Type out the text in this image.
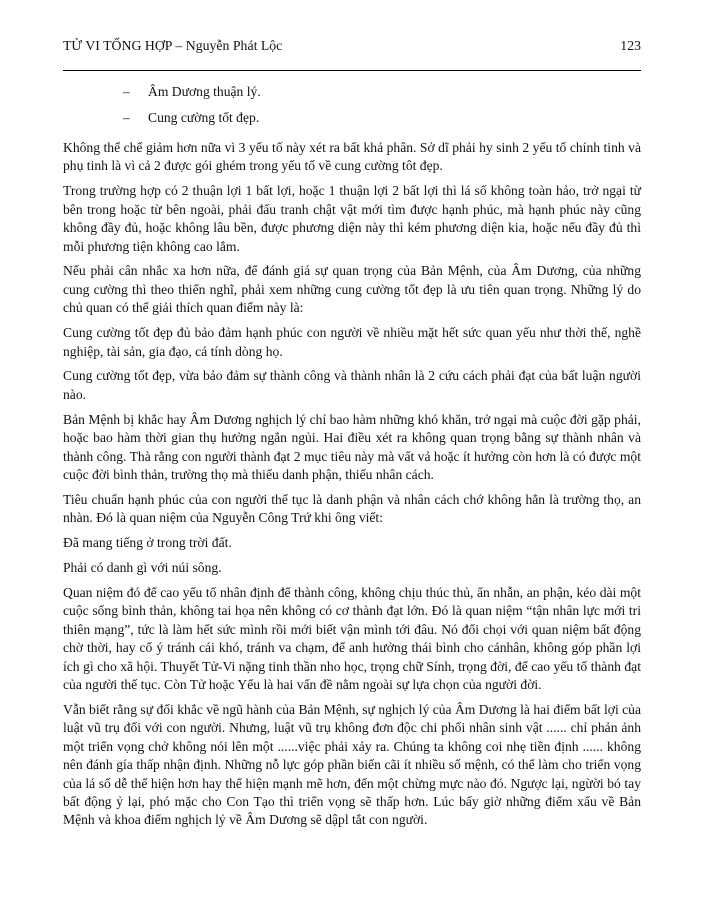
TỬ VI TỔNG HỢP – Nguyễn Phát Lộc	123
–	Âm Dương thuận lý.
–	Cung cường tốt đẹp.

Không thể chế giảm hơn nữa vì 3 yếu tố này xét ra bất khả phân. Sở dĩ phải hy sinh 2 yếu tố chính tinh và phụ tinh là vì cả 2 được gói ghém trong yếu tố về cung cường tôt đẹp.

Trong trường hợp có 2 thuận lợi 1 bất lợi, hoặc 1 thuận lợi 2 bất lợi thì lá số không toàn hảo, trở ngại từ bên trong hoặc từ bên ngoài, phải đấu tranh chật vật mới tìm được hạnh phúc, mà hạnh phúc này cũng không đầy đủ, hoặc không lâu bền, được phương diện này thì kém phương diện kia, hoặc nếu đầy đủ thì mỗi phương tiện không cao lắm.

Nếu phải cân nhắc xa hơn nữa, để đánh giá sự quan trọng của Bản Mệnh, của Âm Dương, của những cung cường thì theo thiển nghĩ, phải xem những cung cường tốt đẹp là ưu tiên quan trọng. Những lý do chủ quan có thể giải thích quan điểm này là:

Cung cường tốt đẹp đủ bảo đảm hạnh phúc con người về nhiều mặt hết sức quan yếu như thời thế, nghề nghiệp, tài sản, gia đạo, cá tính dòng họ.

Cung cường tốt đẹp, vừa bảo đảm sự thành công và thành nhân là 2 cứu cách phải đạt của bất luận người nào.

Bản Mệnh bị khắc hay Âm Dương nghịch lý chỉ bao hàm những khó khăn, trở ngại mà cuộc đời gặp phải, hoặc bao hàm thời gian thụ hưởng ngắn ngủi. Hai điều xét ra không quan trọng bằng sự thành nhân và thành công. Thà rằng con người thành đạt 2 mục tiêu này mà vất vả hoặc ít hưởng còn hơn là có được một cuộc đời bình thản, trường thọ mà thiếu danh phận, thiếu nhân cách.

Tiêu chuẩn hạnh phúc của con người thế tục là danh phận và nhân cách chớ không hẳn là trường thọ, an nhàn. Đó là quan niệm của Nguyễn Công Trứ khi ông viết:

Đã mang tiếng ở trong trời đất.

Phải có danh gì với núi sông.

Quan niệm đó để cao yếu tố nhân định để thành công, không chịu thúc thủ, ẩn nhẫn, an phận, kéo dài một cuộc sống bình thản, không tai họa nên không có cơ thành đạt lớn. Đó là quan niệm “tận nhân lực mới tri thiên mạng”, tức là làm hết sức mình rồi mới biết vận mình tới đâu. Nó đối chọi với quan niệm bất động chờ thời, hay cố ý tránh cái khó, tránh va chạm, để anh hưởng thái bình cho cánhân, không góp phần lợi ích gì cho xã hội. Thuyết Tử-Vi nặng tinh thần nho học, trọng chữ Sính, trọng đời, để cao yếu tố thành đạt của người thế tục. Còn Tử hoặc Yểu là hai vấn đề nằm ngoài sự lựa chọn của người đời.

Vẫn biết rằng sự đối khắc về ngũ hành của Bản Mệnh, sự nghịch lý của Âm Dương là hai điểm bất lợi của luật vũ trụ đối với con người. Nhưng, luật vũ trụ không đơn độc chi phối nhân sinh vật ...... chỉ phản ảnh một triển vọng chở không nói lên một ......việc phải xảy ra. Chúng ta không coi nhẹ tiền định ...... không nên đánh gía thấp nhận định. Những nỗ lực góp phần biến cãi ít nhiều số mệnh, có thể làm cho triển vọng của lá số dễ thể hiện hơn hay thể hiện mạnh mẽ hơn, đến một chừng mực nào đó. Ngược lại, ngừời bó tay bất động ỷ lại, phó mặc cho Con Tạo thì triển vọng sẽ thấp hơn. Lúc bấy giờ những điểm xấu về Bản Mệnh và khoa điểm nghịch lý về Âm Dương sẽ dậpl tắt con người.
